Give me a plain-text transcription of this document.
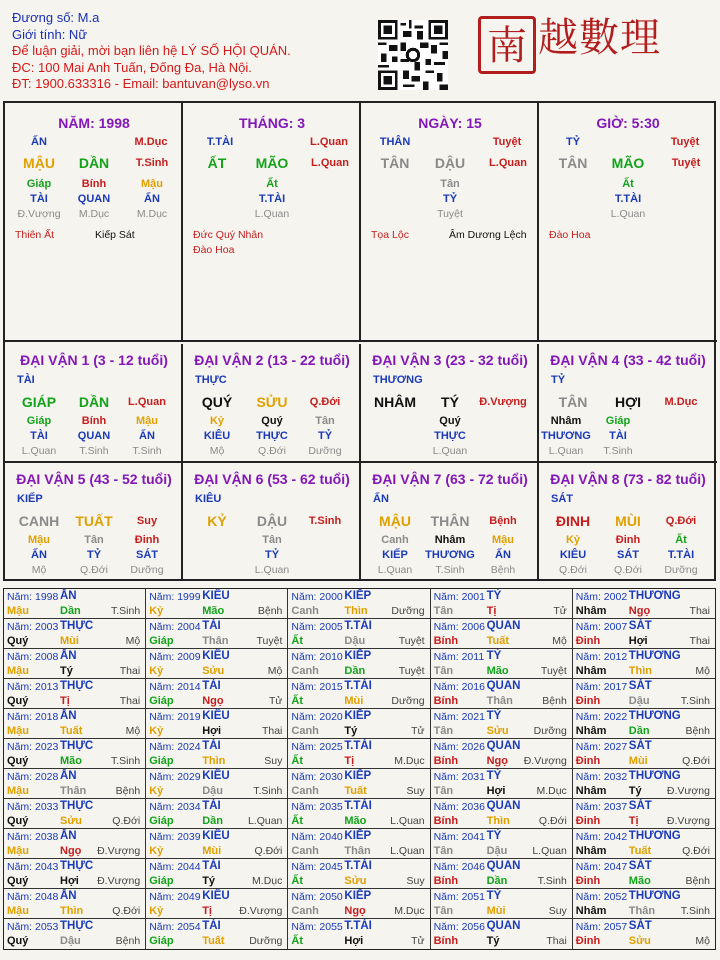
Đương số: M.a
Giới tính: Nữ
Để luận giải, mời bạn liên hệ LÝ SỐ HỘI QUÁN.
ĐC: 100 Mai Anh Tuấn, Đống Đa, Hà Nội.
ĐT: 1900.633316 - Email: bantuvan@lyso.vn
南 越數理
NĂM: 1998
ẤN	M.Dục
MẬU DẦN T.Sinh
Giáp	Bính	Mậu
TÀI	QUAN	ẤN
Đ.Vượng M.Dục	M.Dục
Thiên Ất	Kiếp Sát
THÁNG: 3
T.TÀI	L.Quan
ẤT MÃO L.Quan
Ất
T.TÀI
L.Quan
Đức Quý Nhân
Đào Hoa
NGÀY: 15
THÂN	Tuyệt
TÂN DẬU L.Quan
Tân
TỶ
Tuyệt
Tọa Lộc	Âm Dương Lệch
GIỜ: 5:30
TỶ	Tuyệt
TÂN MÃO Tuyệt
Ất
T.TÀI
L.Quan
Đào Hoa
ĐẠI VẬN 1 (3 - 12 tuổi)
TÀI
GIÁP DẦN L.Quan
Giáp	Bính	Mậu
TÀI	QUAN	ẤN
L.Quan T.Sinh T.Sinh
ĐẠI VẬN 2 (13 - 22 tuổi)
THỰC
QUÝ SỬU Q.Đới
Kỷ	Quý	Tân
KIÊU THỰC	TỶ
Mộ	Q.Đới Dưỡng
ĐẠI VẬN 3 (23 - 32 tuổi)
THƯƠNG
NHÂM TÝ Đ.Vượng
Quý
THỰC
L.Quan
ĐẠI VẬN 4 (33 - 42 tuổi)
TỶ
TÂN HỢI M.Dục
Nhâm Giáp
THƯƠNG TÀI
L.Quan T.Sinh
ĐẠI VẬN 5 (43 - 52 tuổi)
KIẾP
CANH TUẤT Suy
Mậu	Tân	Đinh
ẤN	TỶ	SÁT
Mộ	Q.Đới Dưỡng
ĐẠI VẬN 6 (53 - 62 tuổi)
KIÊU
KỶ DẬU T.Sinh
Tân
TỶ
L.Quan
ĐẠI VẬN 7 (63 - 72 tuổi)
ẤN
MẬU THÂN Bệnh
Canh Nhâm Mậu
KIẾP THƯƠNG ẤN
L.Quan T.Sinh Bệnh
ĐẠI VẬN 8 (73 - 82 tuổi)
SÁT
ĐINH MÙI Q.Đới
Kỷ	Đinh	Ất
KIÊU	SÁT	T.TÀI
Q.Đới	Q.Đới Dưỡng
Năm: 1998 ẤN
Mậu	Dần	T.Sinh
Năm: 1999 KIÊU
Kỷ	Mão	Bệnh
Năm: 2000 KIẾP
Canh Thìn Dưỡng
Năm: 2001 TỶ
Tân	Tị	Tử
Năm: 2002 THƯƠNG
Nhâm Ngọ	Thai
Năm: 2003 THỰC
Quý	Mùi	Mộ
Năm: 2004 TÀI
Giáp	Thân	Tuyệt
Năm: 2005 T.TÀI
Ất	Dậu	Tuyệt
Năm: 2006 QUAN
Bính	Tuất	Mộ
Năm: 2007 SÁT
Đinh	Hợi	Thai
Năm: 2008 ẤN
Mậu	Tý	Thai
Năm: 2009 KIÊU
Kỷ	Sửu	Mộ
Năm: 2010 KIẾP
Canh Dần	Tuyệt
Năm: 2011 TỶ
Tân	Mão	Tuyệt
Năm: 2012 THƯƠNG
Nhâm Thìn	Mộ
Năm: 2013 THỰC
Quý	Tị	Thai
Năm: 2014 TÀI
Giáp	Ngọ	Tử
Năm: 2015 T.TÀI
Ất	Mùi	Dưỡng
Năm: 2016 QUAN
Bính	Thân	Bệnh
Năm: 2017 SÁT
Đinh	Dậu	T.Sinh
Năm: 2018 ẤN
Mậu	Tuất	Mộ
Năm: 2019 KIÊU
Kỷ	Hợi	Thai
Năm: 2020 KIẾP
Canh Tý	Tử
Năm: 2021 TỶ
Tân	Sửu Dưỡng
Năm: 2022 THƯƠNG
Nhâm Dần	Bệnh
Năm: 2023 THỰC
Quý	Mão	T.Sinh
Năm: 2024 TÀI
Giáp	Thìn	Suy
Năm: 2025 T.TÀI
Ất	Tị	M.Dục
Năm: 2026 QUAN
Bính	Ngọ Đ.Vượng
Năm: 2027 SÁT
Đinh	Mùi	Q.Đới
Năm: 2028 ẤN
Mậu	Thân	Bệnh
Năm: 2029 KIÊU
Kỷ	Dậu	T.Sinh
Năm: 2030 KIẾP
Canh Tuất	Suy
Năm: 2031 TỶ
Tân	Hợi	M.Dục
Năm: 2032 THƯƠNG
Nhâm Tý Đ.Vượng
Năm: 2033 THỰC
Quý	Sửu	Q.Đới
Năm: 2034 TÀI
Giáp	Dần L.Quan
Năm: 2035 T.TÀI
Ất	Mão L.Quan
Năm: 2036 QUAN
Bính	Thìn	Q.Đới
Năm: 2037 SÁT
Đinh	Tị	Đ.Vượng
Năm: 2038 ẤN
Mậu	Ngọ Đ.Vượng
Năm: 2039 KIÊU
Kỷ	Mùi	Q.Đới
Năm: 2040 KIẾP
Canh Thân L.Quan
Năm: 2041 TỶ
Tân	Dậu L.Quan
Năm: 2042 THƯƠNG
Nhâm Tuất	Q.Đới
Năm: 2043 THỰC
Quý	Hợi Đ.Vượng
Năm: 2044 TÀI
Giáp	Tý	M.Dục
Năm: 2045 T.TÀI
Ất	Sửu	Suy
Năm: 2046 QUAN
Bính	Dần	T.Sinh
Năm: 2047 SÁT
Đinh	Mão	Bệnh
Năm: 2048 ẤN
Mậu	Thìn	Q.Đới
Năm: 2049 KIÊU
Kỷ	Tị	Đ.Vượng
Năm: 2050 KIẾP
Canh Ngọ	M.Dục
Năm: 2051 TỶ
Tân	Mùi	Suy
Năm: 2052 THƯƠNG
Nhâm Thân T.Sinh
Năm: 2053 THỰC
Quý	Dậu	Bệnh
Năm: 2054 TÀI
Giáp	Tuất Dưỡng
Năm: 2055 T.TÀI
Ất	Hợi	Tử
Năm: 2056 QUAN
Bính	Tý	Thai
Năm: 2057 SÁT
Đinh	Sửu	Mộ
